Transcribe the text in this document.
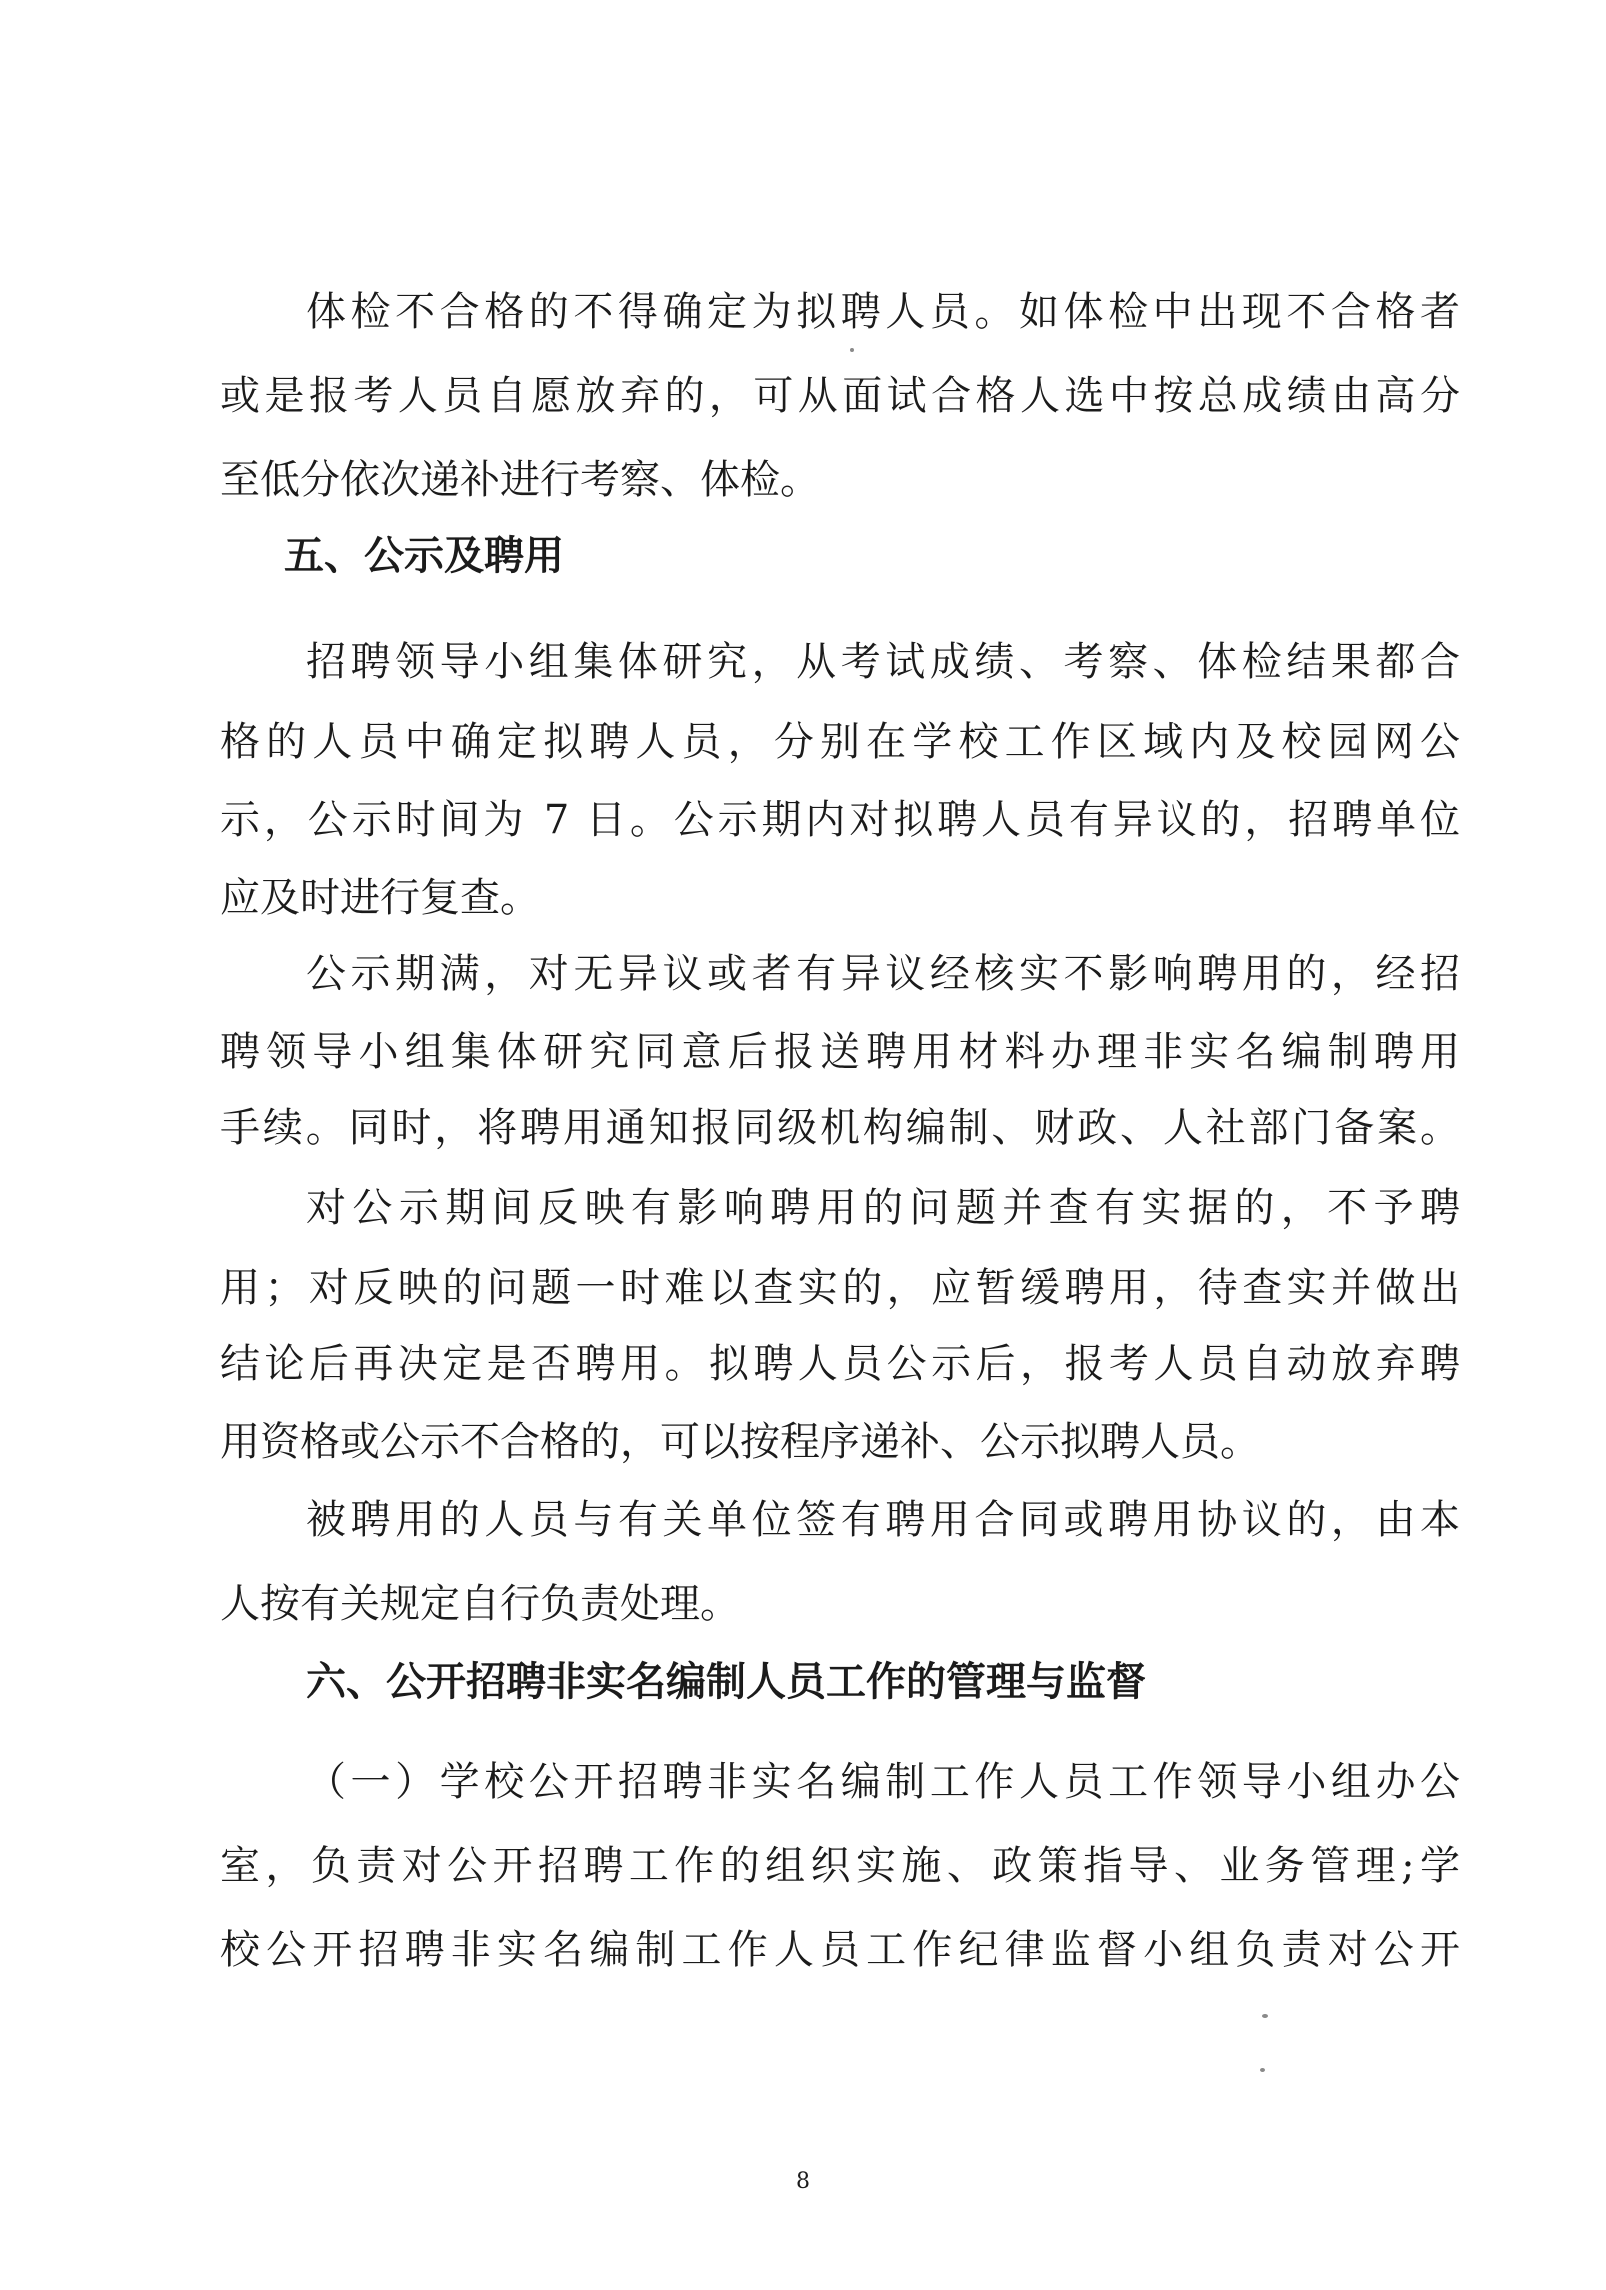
体检不合格的不得确定为拟聘人员。如体检中出现不合格者

或是报考人员自愿放弃的，可从面试合格人选中按总成绩由高分

至低分依次递补进行考察、体检。

五、公示及聘用

招聘领导小组集体研究，从考试成绩、考察、体检结果都合

格的人员中确定拟聘人员，分别在学校工作区域内及校园网公

示，公示时间为 7 日。公示期内对拟聘人员有异议的，招聘单位

应及时进行复查。

公示期满，对无异议或者有异议经核实不影响聘用的，经招

聘领导小组集体研究同意后报送聘用材料办理非实名编制聘用

手续。同时，将聘用通知报同级机构编制、财政、人社部门备案。

对公示期间反映有影响聘用的问题并查有实据的，不予聘

用；对反映的问题一时难以查实的，应暂缓聘用，待查实并做出

结论后再决定是否聘用。拟聘人员公示后，报考人员自动放弃聘

用资格或公示不合格的，可以按程序递补、公示拟聘人员。

被聘用的人员与有关单位签有聘用合同或聘用协议的，由本

人按有关规定自行负责处理。

六、公开招聘非实名编制人员工作的管理与监督

（一）学校公开招聘非实名编制工作人员工作领导小组办公

室，负责对公开招聘工作的组织实施、政策指导、业务管理;学

校公开招聘非实名编制工作人员工作纪律监督小组负责对公开

8
